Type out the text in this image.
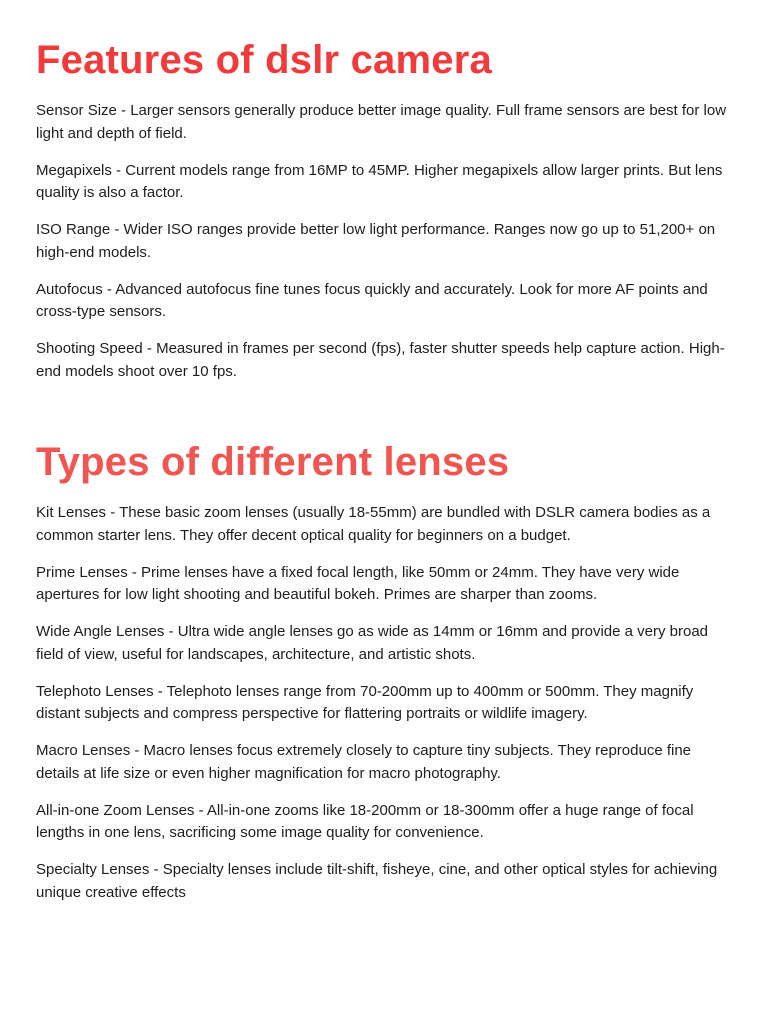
Features of dslr camera

Sensor Size - Larger sensors generally produce better image quality. Full frame sensors are best for low light and depth of field.

Megapixels - Current models range from 16MP to 45MP. Higher megapixels allow larger prints. But lens quality is also a factor.

ISO Range - Wider ISO ranges provide better low light performance. Ranges now go up to 51,200+ on high-end models.

Autofocus - Advanced autofocus fine tunes focus quickly and accurately. Look for more AF points and cross-type sensors.

Shooting Speed - Measured in frames per second (fps), faster shutter speeds help capture action. High-end models shoot over 10 fps.

Types of different lenses

Kit Lenses - These basic zoom lenses (usually 18-55mm) are bundled with DSLR camera bodies as a common starter lens. They offer decent optical quality for beginners on a budget.

Prime Lenses - Prime lenses have a fixed focal length, like 50mm or 24mm. They have very wide apertures for low light shooting and beautiful bokeh. Primes are sharper than zooms.

Wide Angle Lenses - Ultra wide angle lenses go as wide as 14mm or 16mm and provide a very broad field of view, useful for landscapes, architecture, and artistic shots.

Telephoto Lenses - Telephoto lenses range from 70-200mm up to 400mm or 500mm. They magnify distant subjects and compress perspective for flattering portraits or wildlife imagery.

Macro Lenses - Macro lenses focus extremely closely to capture tiny subjects. They reproduce fine details at life size or even higher magnification for macro photography.

All-in-one Zoom Lenses - All-in-one zooms like 18-200mm or 18-300mm offer a huge range of focal lengths in one lens, sacrificing some image quality for convenience.

Specialty Lenses - Specialty lenses include tilt-shift, fisheye, cine, and other optical styles for achieving unique creative effects
